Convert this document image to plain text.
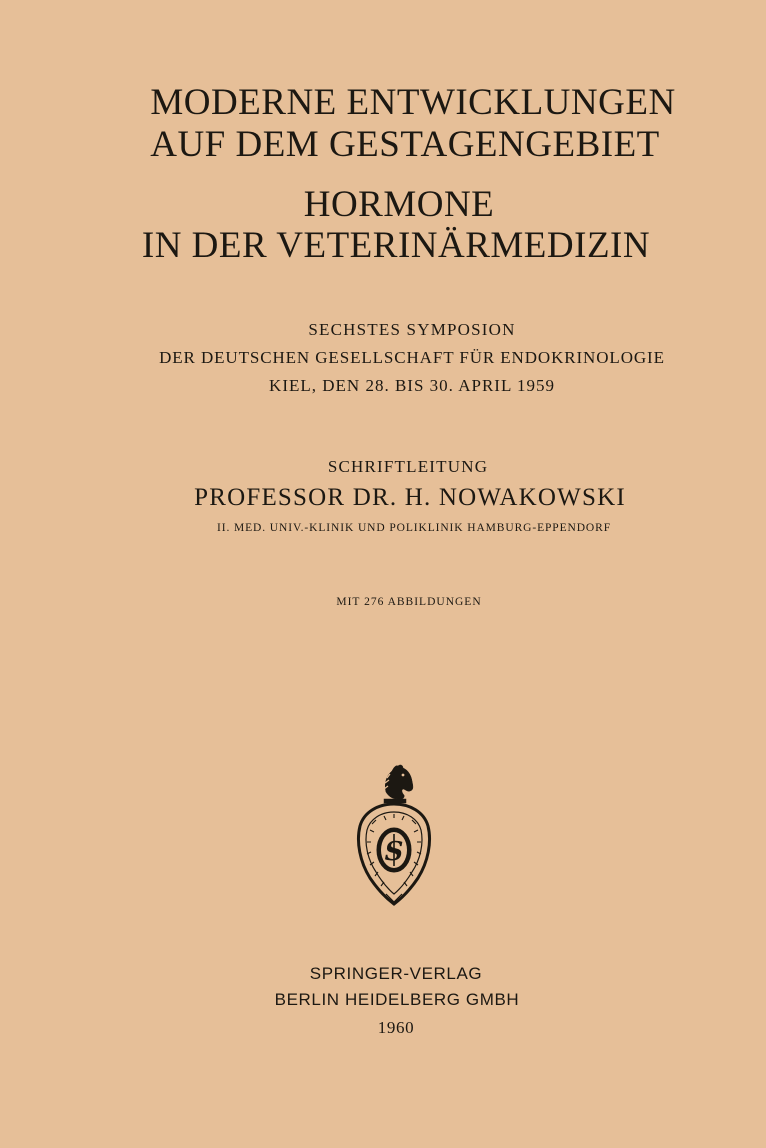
MODERNE ENTWICKLUNGEN
AUF DEM GESTAGENGEBIET
HORMONE
IN DER VETERINÄRMEDIZIN

SECHSTES SYMPOSION

DER DEUTSCHEN GESELLSCHAFT FÜR ENDOKRINOLOGIE

KIEL, DEN 28. BIS 30. APRIL 1959

SCHRIFTLEITUNG

PROFESSOR DR. H. NOWAKOWSKI

II. MED. UNIV.-KLINIK UND POLIKLINIK HAMBURG-EPPENDORF

MIT 276 ABBILDUNGEN

S

SPRINGER-VERLAG

BERLIN HEIDELBERG GMBH

1960
